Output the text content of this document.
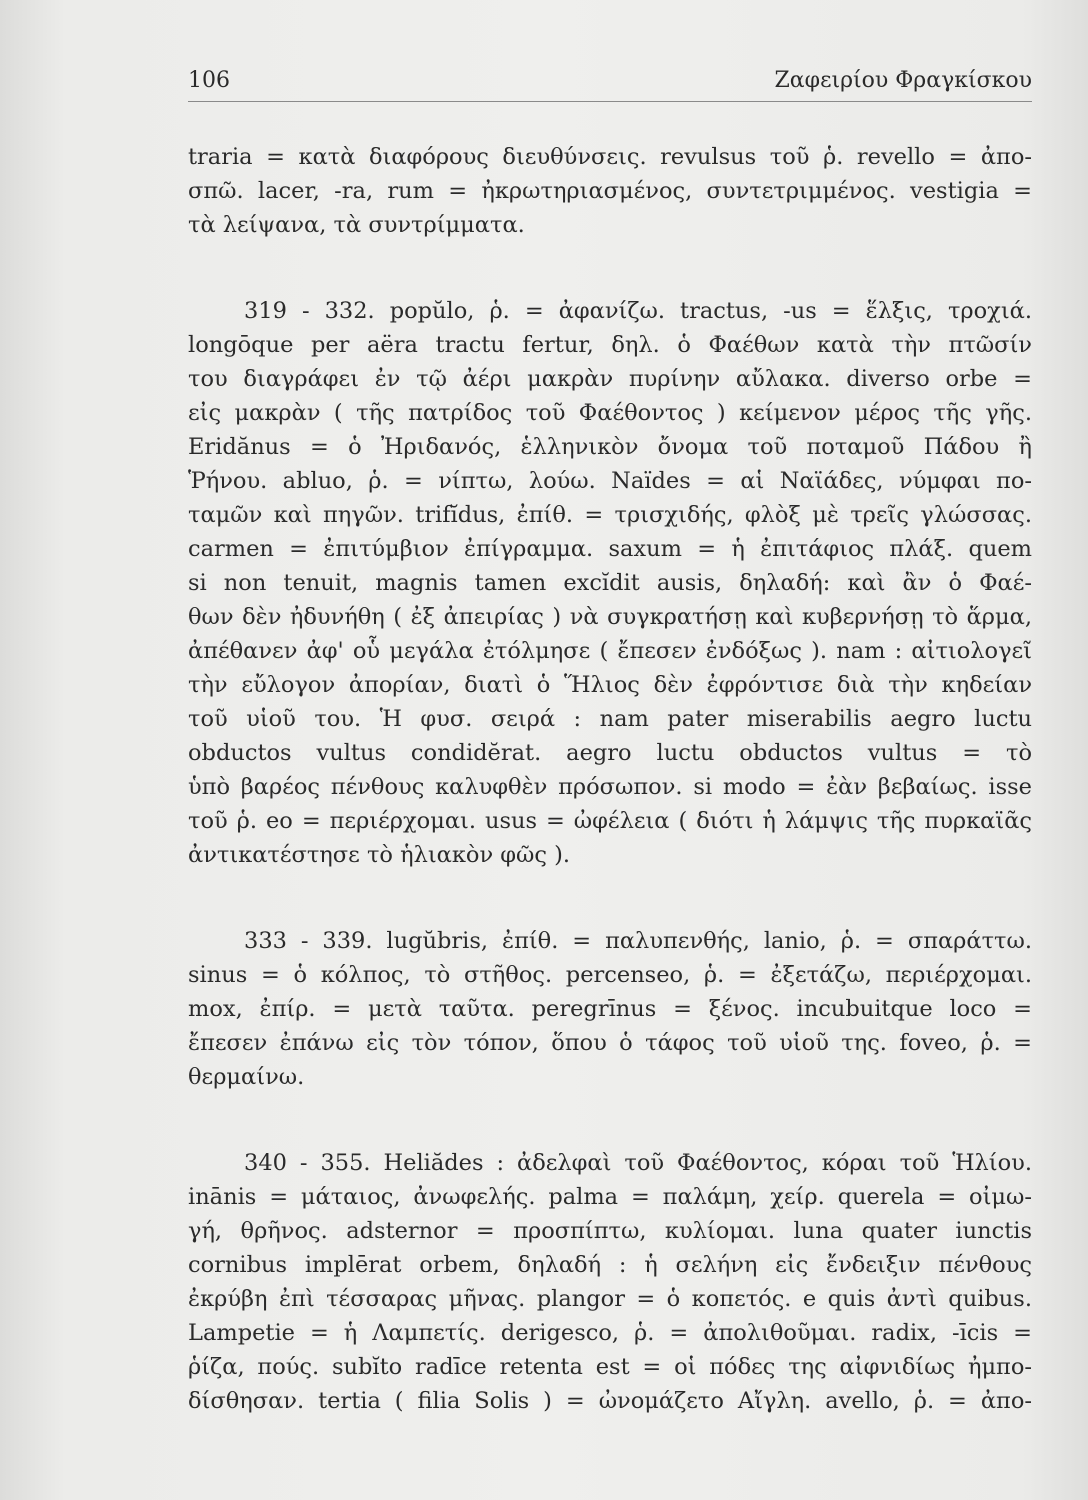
106	Ζαφειρίου Φραγκίσκου
traria = κατὰ διαφόρους διευθύνσεις. revulsus τοῦ ῥ. revello = ἀπο-
σπῶ. lacer, -ra, rum = ἠκρωτηριασμένος, συντετριμμένος. vestigia =
τὰ λείψανα, τὰ συντρίμματα.
319 - 332. popŭlo, ῥ. = ἀφανίζω. tractus, -us = ἕλξις, τροχιά.
longōque per aëra tractu fertur, δηλ. ὁ Φαέθων κατὰ τὴν πτῶσίν
του διαγράφει ἐν τῷ ἀέρι μακρὰν πυρίνην αὔλακα. diverso orbe =
εἰς μακρὰν ( τῆς πατρίδος τοῦ Φαέθοντος ) κείμενον μέρος τῆς γῆς.
Eridănus = ὁ Ἠριδανός, ἑλληνικὸν ὄνομα τοῦ ποταμοῦ Πάδου ἢ
Ῥήνου. abluo, ῥ. = νίπτω, λούω. Naïdes = αἱ Ναϊάδες, νύμφαι πο-
ταμῶν καὶ πηγῶν. trifĭdus, ἐπίθ. = τρισχιδής, φλὸξ μὲ τρεῖς γλώσσας.
carmen = ἐπιτύμβιον ἐπίγραμμα. saxum = ἡ ἐπιτάφιος πλάξ. quem
si non tenuit, magnis tamen excĭdit ausis, δηλαδή: καὶ ἂν ὁ Φαέ-
θων δὲν ἠδυνήθη ( ἐξ ἀπειρίας ) νὰ συγκρατήσῃ καὶ κυβερνήσῃ τὸ ἅρμα,
ἀπέθανεν ἀφ' οὗ μεγάλα ἐτόλμησε ( ἔπεσεν ἐνδόξως ). nam : αἰτιολογεῖ
τὴν εὔλογον ἀπορίαν, διατὶ ὁ Ἥλιος δὲν ἐφρόντισε διὰ τὴν κηδείαν
τοῦ υἱοῦ του. Ἡ φυσ. σειρά : nam pater miserabilis aegro luctu
obductos vultus condidĕrat. aegro luctu obductos vultus = τὸ
ὑπὸ βαρέος πένθους καλυφθὲν πρόσωπον. si modo = ἐὰν βεβαίως. isse
τοῦ ῥ. eo = περιέρχομαι. usus = ὠφέλεια ( διότι ἡ λάμψις τῆς πυρκαϊᾶς
ἀντικατέστησε τὸ ἡλιακὸν φῶς ).
333 - 339. lugŭbris, ἐπίθ. = παλυπενθής, lanio, ῥ. = σπαράττω.
sinus = ὁ κόλπος, τὸ στῆθος. percenseo, ῥ. = ἐξετάζω, περιέρχομαι.
mox, ἐπίρ. = μετὰ ταῦτα. peregrīnus = ξένος. incubuitque loco =
ἔπεσεν ἐπάνω εἰς τὸν τόπον, ὅπου ὁ τάφος τοῦ υἱοῦ της. foveo, ῥ. =
θερμαίνω.
340 - 355. Heliădes : ἀδελφαὶ τοῦ Φαέθοντος, κόραι τοῦ Ἡλίου.
inānis = μάταιος, ἀνωφελής. palma = παλάμη, χείρ. querela = οἰμω-
γή, θρῆνος. adsternor = προσπίπτω, κυλίομαι. luna quater iunctis
cornibus implērat orbem, δηλαδή : ἡ σελήνη εἰς ἔνδειξιν πένθους
ἐκρύβη ἐπὶ τέσσαρας μῆνας. plangor = ὁ κοπετός. e quis ἀντὶ quibus.
Lampetie = ἡ Λαμπετίς. derigesco, ῥ. = ἀπολιθοῦμαι. radix, -īcis =
ῥίζα, πούς. subĭto radīce retenta est = οἱ πόδες της αἰφνιδίως ἠμπο-
δίσθησαν. tertia ( filia Solis ) = ὠνομάζετο Αἴγλη. avello, ῥ. = ἀπο-
